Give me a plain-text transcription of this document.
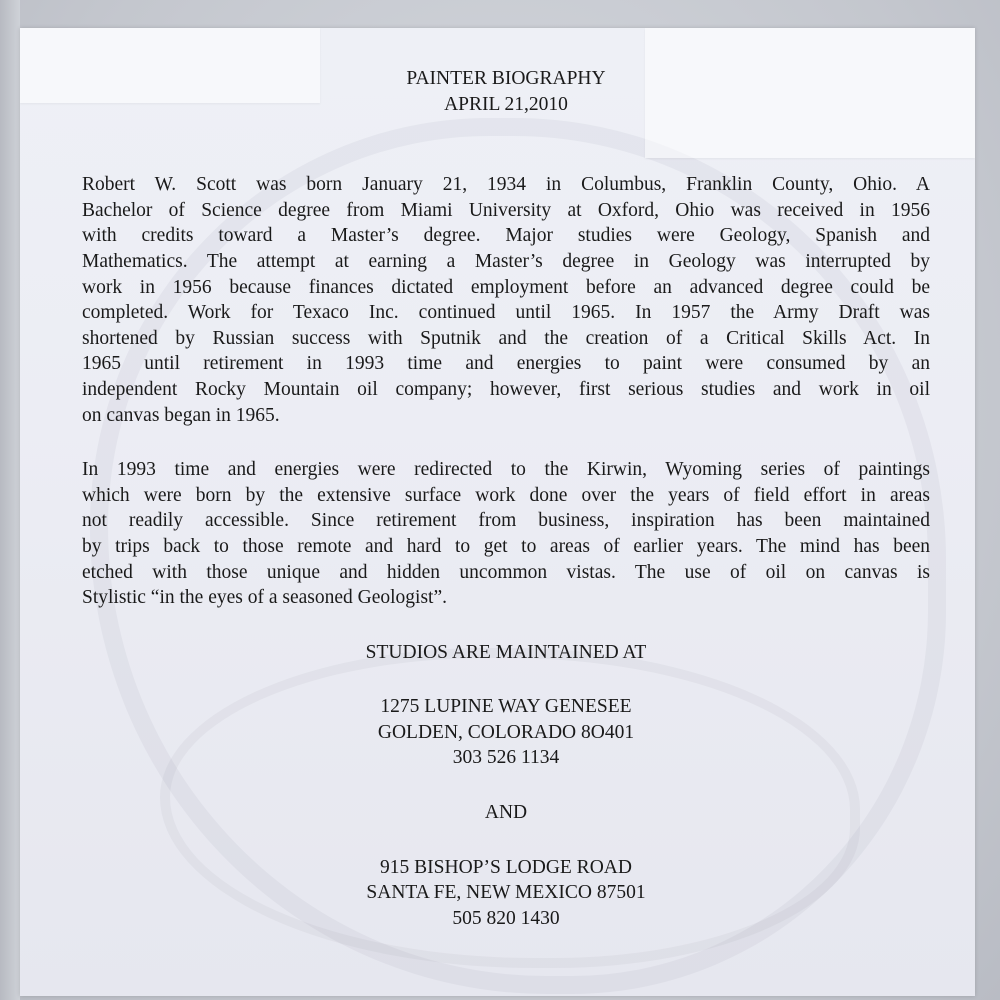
PAINTER BIOGRAPHY

APRIL 21,2010

Robert W. Scott was born January 21, 1934 in Columbus, Franklin County, Ohio. A
Bachelor of Science degree from Miami University at Oxford, Ohio was received in 1956
with credits toward a Master’s degree. Major studies were Geology, Spanish and
Mathematics. The attempt at earning a Master’s degree in Geology was interrupted by
work in 1956 because finances dictated employment before an advanced degree could be
completed. Work for Texaco Inc. continued until 1965. In 1957 the Army Draft was
shortened by Russian success with Sputnik and the creation of a Critical Skills Act. In
1965 until retirement in 1993 time and energies to paint were consumed by an
independent Rocky Mountain oil company; however, first serious studies and work in oil
on canvas began in 1965.

In 1993 time and energies were redirected to the Kirwin, Wyoming series of paintings
which were born by the extensive surface work done over the years of field effort in areas
not readily accessible. Since retirement from business, inspiration has been maintained
by trips back to those remote and hard to get to areas of earlier years. The mind has been
etched with those unique and hidden uncommon vistas. The use of oil on canvas is
Stylistic “in the eyes of a seasoned Geologist”.

STUDIOS ARE MAINTAINED AT
1275 LUPINE WAY GENESEE
GOLDEN, COLORADO 8O401
303 526 1134
AND
915 BISHOP’S LODGE ROAD
SANTA FE, NEW MEXICO 87501
505 820 1430
